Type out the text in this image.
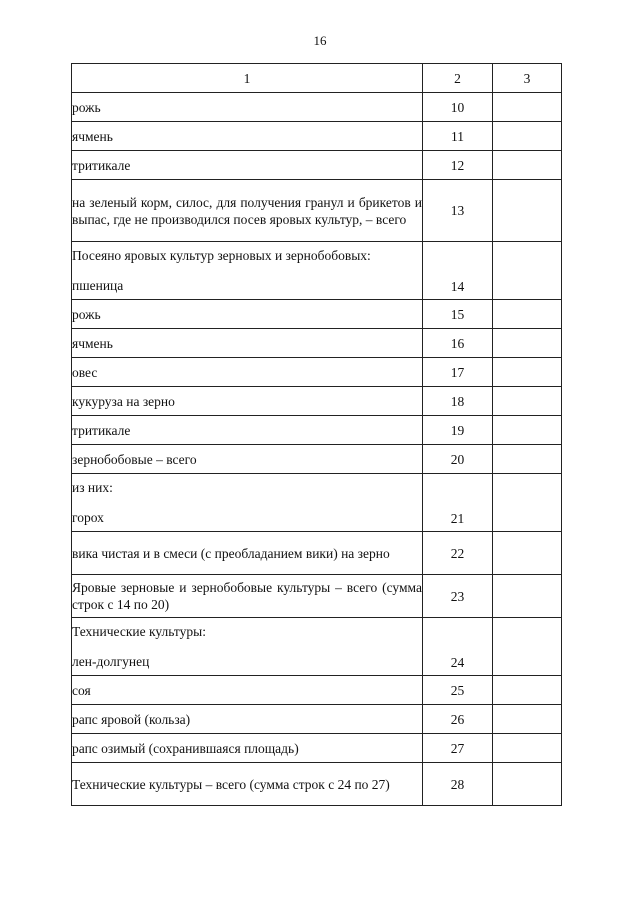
16
1	2	3
рожь	10	
ячмень	11	
тритикале	12	
на зеленый корм, силос, для получения гранул и брикетов и выпас, где не производился посев яровых культур, – всего	13	
Посеяно яровых культур зерновых и зернобобовых:
пшеница	14	
рожь	15	
ячмень	16	
овес	17	
кукуруза на зерно	18	
тритикале	19	
зернобобовые – всего	20	
из них:
горох	21	
вика чистая и в смеси (с преобладанием вики) на зерно	22	
Яровые зерновые и зернобобовые культуры – всего (сумма строк с 14 по 20)	23	
Технические культуры:
лен-долгунец	24	
соя	25	
рапс яровой (кольза)	26	
рапс озимый (сохранившаяся площадь)	27	
Технические культуры – всего (сумма строк с 24 по 27)	28	
